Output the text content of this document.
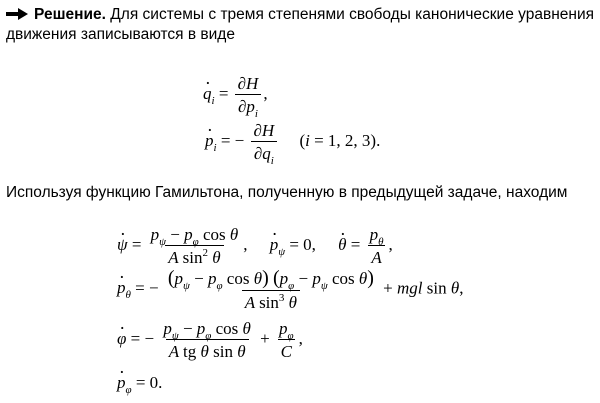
Решение. Для системы с тремя степенями свободы канонические уравнения движения записываются в виде
$q \cdot_i = \frac{\partial H}{\partial p_i}$ ,
$p \cdot_i$ = − $\frac{\partial H}{\partial q_i} (i = 1$, 2, 3).
Используя функцию Гамильтона, полученную в предыдущей задаче, находим
ψ · = $\frac{p_\psi - p_\varphi \cos \theta}{A \sin^2 \theta}$ , $p \cdot_\psi = 0$, θ · = $\frac{p_\theta}{A}$ ,
$p \cdot_\theta$ = − $\frac{(p_\psi - p_\varphi \cos \theta) (p_\varphi - p_\psi \cos \theta)}{A \sin^3 \theta}$ + mgl sin θ,
φ · = − $\frac{p_\psi - p_\varphi \cos \theta}{\text{A tg θ sin θ}} + \frac{p_\varphi}{C}$ ,
$p \cdot_\varphi = 0$.
